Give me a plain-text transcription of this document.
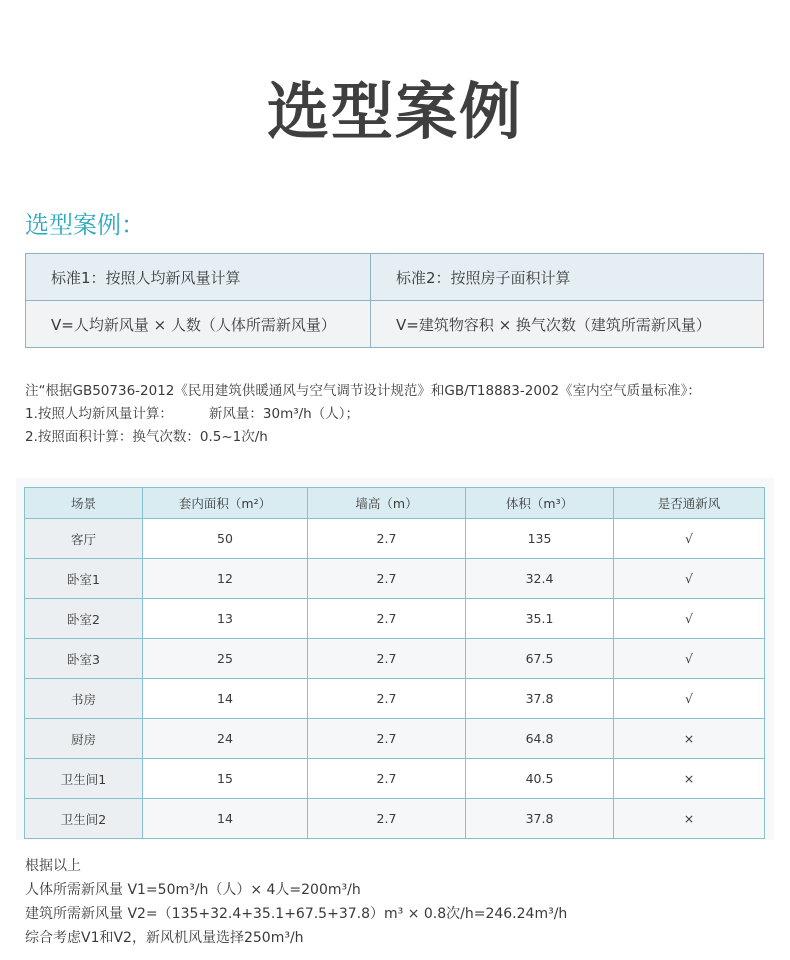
选型案例
选型案例：
标准1：按照人均新风量计算	标准2：按照房子面积计算
V=人均新风量 × 人数（人体所需新风量）	V=建筑物容积 × 换气次数（建筑所需新风量）
注“根据GB50736-2012《民用建筑供暖通风与空气调节设计规范》和GB/T18883-2002《室内空气质量标准》：
1.按照人均新风量计算：	新风量：30m³/h（人）；
2.按照面积计算：换气次数：0.5~1次/h
场景	套内面积（m²）	墙高（m）	体积（m³）	是否通新风
客厅	50	2.7	135	√
卧室1	12	2.7	32.4	√
卧室2	13	2.7	35.1	√
卧室3	25	2.7	67.5	√
书房	14	2.7	37.8	√
厨房	24	2.7	64.8	×
卫生间1	15	2.7	40.5	×
卫生间2	14	2.7	37.8	×
根据以上
人体所需新风量 V1=50m³/h（人）× 4人=200m³/h
建筑所需新风量 V2=（135+32.4+35.1+67.5+37.8）m³ × 0.8次/h=246.24m³/h
综合考虑V1和V2，新风机风量选择250m³/h
